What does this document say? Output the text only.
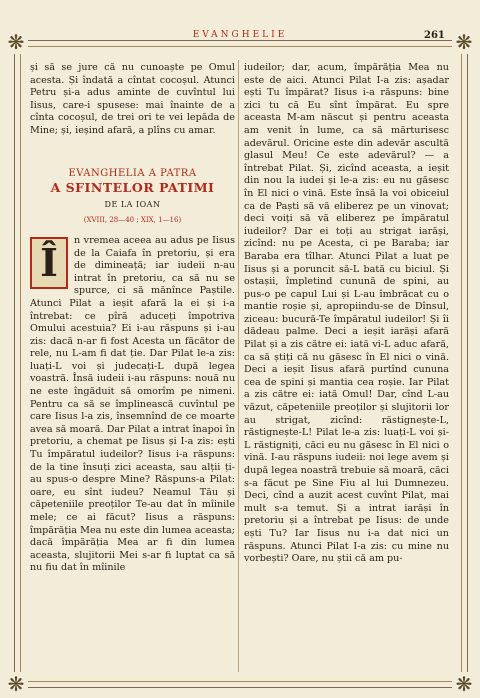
❋	❋
❋	❋
EVANGHELIE	261

și să se jure că nu cunoaște pe Omul acesta. Și îndată a cîntat cocoșul. Atunci Petru și-a adus aminte de cuvîntul lui Iisus, care-i spusese: mai înainte de a cînta cocoșul, de trei ori te vei lepăda de Mine; și, ieșind afară, a plîns cu amar.

EVANGHELIA A PATRA
A SFINTELOR PATIMI
DE LA IOAN
(XVIII, 28—40 ; XIX, 1—16)
Î	n vremea aceea au adus pe Iisus de la Caiafa în pretoriu, și era de dimineață; iar iudeii n-au intrat în pretoriu, ca să nu se spurce, ci să mănînce Paștile. Atunci Pilat a ieșit afară la ei și i-a întrebat: ce pîră aduceți împotriva Omului acestuia? Ei i-au răspuns și i-au zis: dacă n-ar fi fost Acesta un făcător de rele, nu L-am fi dat ție. Dar Pilat le-a zis: luați-L voi și judecați-L după legea voastră. Însă iudeii i-au răspuns: nouă nu ne este îngăduit să omorîm pe nimeni. Pentru ca să se împlinească cuvîntul pe care Iisus l-a zis, însemnînd de ce moarte avea să moară. Dar Pilat a intrat înapoi în pretoriu, a chemat pe Iisus și I-a zis: ești Tu împăratul iudeilor? Iisus i-a răspuns: de la tine însuți zici aceasta, sau alții ți-au spus-o despre Mine? Răspuns-a Pilat: oare, eu sînt iudeu? Neamul Tău și căpeteniile preoților Te-au dat în mîinile mele; ce ai făcut? Iisus a răspuns: împărăția Mea nu este din lumea aceasta; dacă împărăția Mea ar fi din lumea aceasta, slujitorii Mei s-ar fi luptat ca să nu fiu dat în mîinile

iudeilor; dar, acum, împărăția Mea nu este de aici. Atunci Pilat I-a zis: așadar ești Tu împărat? Iisus i-a răspuns: bine zici tu că Eu sînt împărat. Eu spre aceasta M-am născut și pentru aceasta am venit în lume, ca să mărturisesc adevărul. Oricine este din adevăr ascultă glasul Meu! Ce este adevărul? — a întrebat Pilat. Și, zicînd aceasta, a ieșit din nou la iudei și le-a zis: eu nu găsesc în El nici o vină. Este însă la voi obiceiul ca de Paști să vă eliberez pe un vinovat; deci voiți să vă eliberez pe împăratul iudeilor? Dar ei toți au strigat iarăși, zicînd: nu pe Acesta, ci pe Baraba; iar Baraba era tîlhar. Atunci Pilat a luat pe Iisus și a poruncit să-L bată cu biciul. Și ostașii, împletind cunună de spini, au pus-o pe capul Lui și L-au îmbrăcat cu o mantie roșie și, apropiindu-se de Dînsul, ziceau: bucură-Te împăratul iudeilor! Și îi dădeau palme. Deci a ieșit iarăși afară Pilat și a zis către ei: iată vi-L aduc afară, ca să știți că nu găsesc în El nici o vină. Deci a ieșit Iisus afară purtînd cununa cea de spini și mantia cea roșie. Iar Pilat a zis către ei: iată Omul! Dar, cînd L-au văzut, căpeteniile preoților și slujitorii lor au strigat, zicînd: răstignește-L, răstignește-L! Pilat le-a zis: luați-L voi și-L răstigniți, căci eu nu găsesc în El nici o vină. I-au răspuns iudeii: noi lege avem și după legea noastră trebuie să moară, căci s-a făcut pe Sine Fiu al lui Dumnezeu. Deci, cînd a auzit acest cuvînt Pilat, mai mult s-a temut. Și a intrat iarăși în pretoriu și a întrebat pe Iisus: de unde ești Tu? Iar Iisus nu i-a dat nici un răspuns. Atunci Pilat I-a zis: cu mine nu vorbești? Oare, nu știi că am pu-
